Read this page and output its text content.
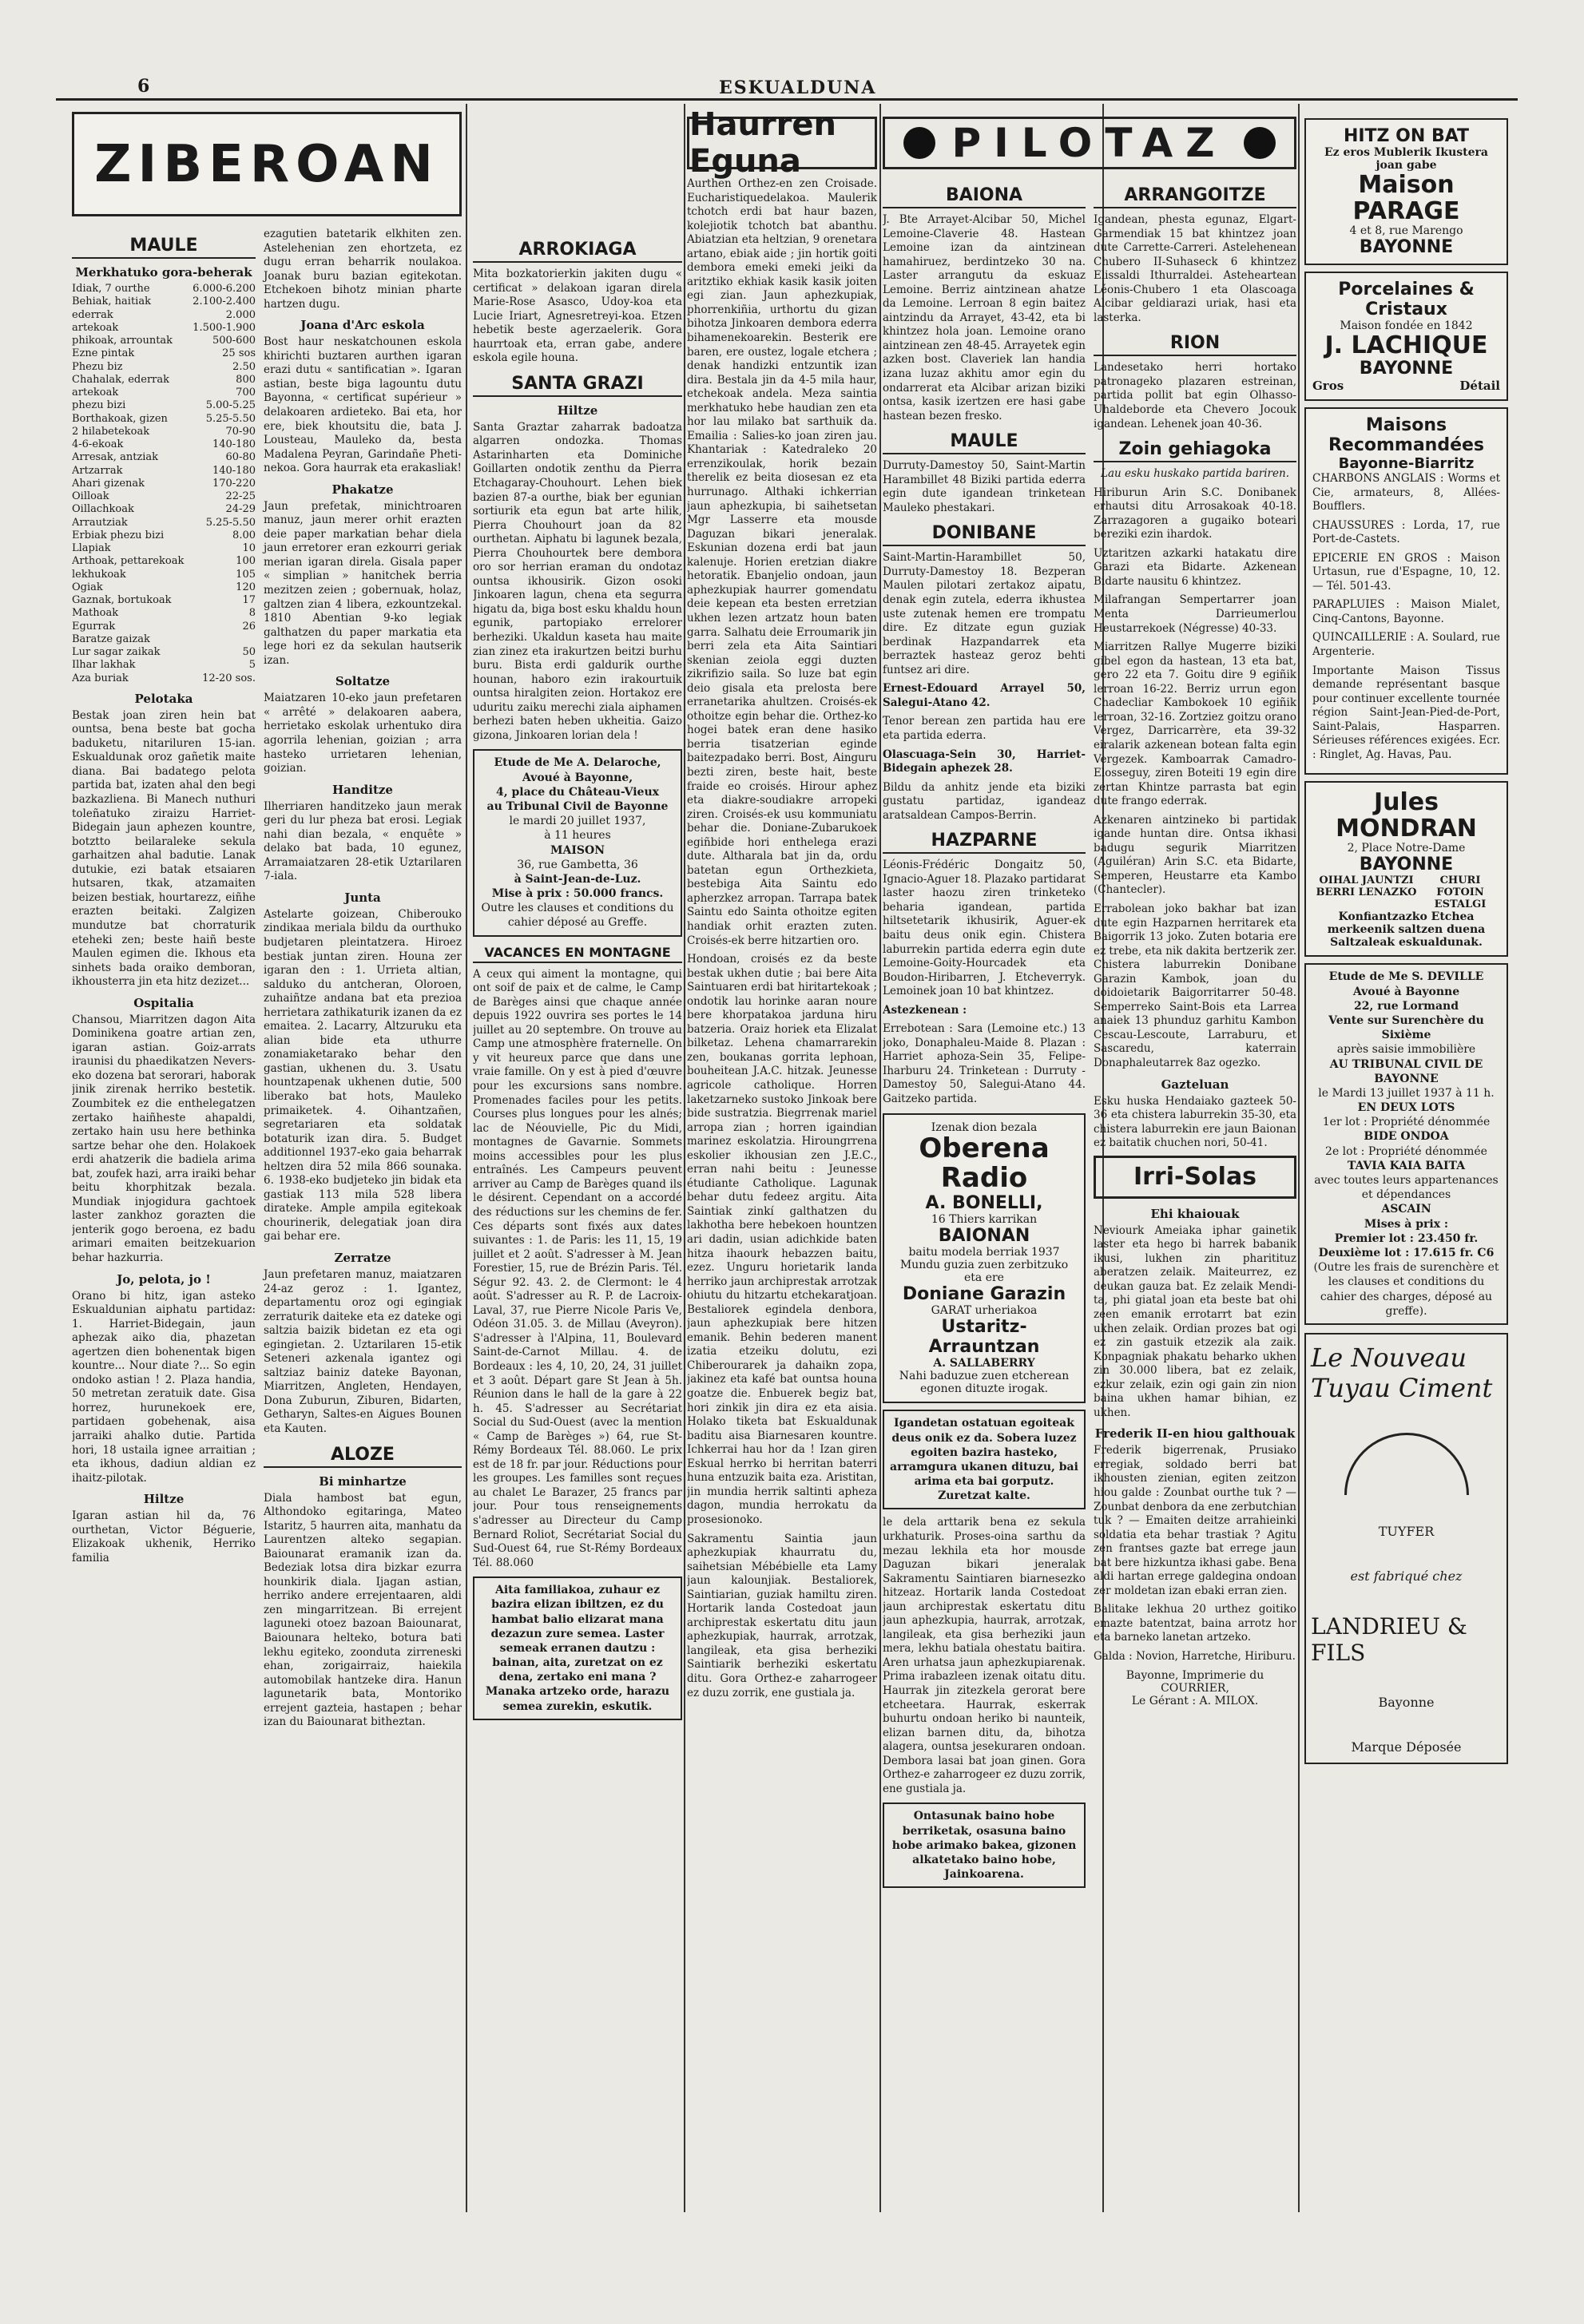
6	ESKUALDUNA
ZIBEROAN
MAULE
Merkhatuko gora-beherak
Idiak, 7 ourthe	6.000-6.200
Behiak, haitiak	2.100-2.400
ederrak	2.000
artekoak	1.500-1.900
phikoak, arrountak	500-600
Ezne pintak	25 sos
Phezu biz	2.50
Chahalak, ederrak	800
artekoak	700
phezu bizi	5.00-5.25
Borthakoak, gizen	5.25-5.50
2 hilabetekoak	70-90
4-6-ekoak	140-180
Arresak, antziak	60-80
Artzarrak	140-180
Ahari gizenak	170-220
Oilloak	22-25
Oillachkoak	24-29
Arrautziak	5.25-5.50
Erbiak phezu bizi	8.00
Llapiak	10
Arthoak, pettarekoak	100
lekhukoak	105
Ogiak	120
Gaznak, bortukoak	17
Mathoak	8
Egurrak	26
Baratze gaizak
Lur sagar zaikak	50
Ilhar lakhak	5
Aza buriak	12-20 sos.
Pelotaka

Bestak joan ziren hein bat ountsa, bena beste bat gocha baduketu, nitariluren 15-ian. Eskualdunak oroz gañetik maite diana. Bai badatego pelota partida bat, izaten ahal den begi bazkazliena. Bi Manech nuthuri toleñatuko ziraizu Harriet-Bidegain jaun aphezen kountre, botztto beilaraleke sekula garhaitzen ahal badutie. Lanak dutukie, ezi batak etsaiaren hutsaren, tkak, atzamaiten beizen bestiak, hourtarezz, eiñhe erazten beitaki. Zalgizen mundutze bat chorraturik eteheki zen; beste haiñ beste Maulen egimen die. Ikhous eta sinhets bada oraiko demboran, ikhousterra jin eta hitz dezizet...

Ospitalia

Chansou, Miarritzen dagon Aita Dominikena goatre artian zen, igaran astian. Goiz-arrats iraunisi du phaedikatzen Nevers-eko dozena bat serorari, haborak jinik zirenak herriko bestetik. Zoumbitek ez die enthelegatzen zertako haiñheste ahapaldi, zertako hain usu here bethinka sartze behar ohe den. Holakoek erdi ahatzerik die badiela arima bat, zoufek hazi, arra iraiki behar beitu khorphitzak bezala. Mundiak injogidura gachtoek laster zankhoz gorazten die jenterik gogo beroena, ez badu arimari emaiten beitzekuarion behar hazkurria.

Jo, pelota, jo !

Orano bi hitz, igan asteko Eskualdunian aiphatu partidaz: 1. Harriet-Bidegain, jaun aphezak aiko dia, phazetan agertzen dien bohenentak bigen kountre... Nour diate ?... So egin ondoko astian ! 2. Plaza handia, 50 metretan zeratuik date. Gisa horrez, hurunekoek ere, partidaen gobehenak, aisa jarraiki ahalko dutie. Partida hori, 18 ustaila ignee arraitian ; eta ikhous, dadiun aldian ez ihaitz-pilotak.

Hiltze

Igaran astian hil da, 76 ourthetan, Victor Béguerie, Elizakoak ukhenik, Herriko familia

ezagutien batetarik elkhiten zen. Astelehenian zen ehortzeta, ez dugu erran beharrik noulakoa. Joanak buru bazian egitekotan. Etchekoen bihotz minian pharte hartzen dugu.

Joana d'Arc eskola

Bost haur neskatchounen eskola khirichti buztaren aurthen igaran erazi dutu « santificatian ». Igaran astian, beste biga lagountu dutu Bayonna, « certificat supérieur » delakoaren ardieteko. Bai eta, hor ere, biek khoutsitu die, bata J. Lousteau, Mauleko da, besta Madalena Peyran, Garindañe Pheti-nekoa. Gora haurrak eta erakasliak!

Phakatze

Jaun prefetak, minichtroaren manuz, jaun merer orhit erazten deie paper markatian behar diela jaun erretorer eran ezkourri geriak merian igaran direla. Gisala paper « simplian » hanitchek berria mezitzen zeien ; gobernuak, holaz, galtzen zian 4 libera, ezkountzekal. 1810 Abentian 9-ko legiak galthatzen du paper markatia eta lege hori ez da sekulan hautserik izan.

Soltatze

Maiatzaren 10-eko jaun prefetaren « arrêté » delakoaren aabera, herrietako eskolak urhentuko dira agorrila lehenian, goizian ; arra hasteko urrietaren lehenian, goizian.

Handitze

Ilherriaren handitzeko jaun merak geri du lur pheza bat erosi. Legiak nahi dian bezala, « enquête » delako bat bada, 10 egunez, Arramaiatzaren 28-etik Uztarilaren 7-iala.

Junta

Astelarte goizean, Chiberouko zindikaa meriala bildu da ourthuko budjetaren pleintatzera. Hiroez bestiak juntan ziren. Houna zer igaran den : 1. Urrieta altian, salduko du antcheran, Oloroen, zuhaiñtze andana bat eta prezioa herrietara zathikaturik izanen da ez emaitea. 2. Lacarry, Altzuruku eta alian bide eta uthurre zonamiaketarako behar den gastian, ukhenen du. 3. Usatu hountzapenak ukhenen dutie, 500 liberako bat hots, Mauleko primaiketek. 4. Oihantzañen, segretariaren eta soldatak botaturik izan dira. 5. Budget additionnel 1937-eko gaia beharrak heltzen dira 52 mila 866 sounaka. 6. 1938-eko budjeteko jin bidak eta gastiak 113 mila 528 libera dirateke. Ample ampila egitekoak chourinerik, delegatiak joan dira gai behar ere.

Zerratze

Jaun prefetaren manuz, maiatzaren 24-az geroz : 1. Igantez, departamentu oroz ogi egingiak zerraturik daiteke eta ez dateke ogi saltzia baizik bidetan ez eta ogi egingietan. 2. Uztarilaren 15-etik Seteneri azkenala igantez ogi saltziaz bainiz dateke Bayonan, Miarritzen, Angleten, Hendayen, Dona Zuburun, Ziburen, Bidarten, Getharyn, Saltes-en Aigues Bounen eta Kauten.

ALOZE
Bi minhartze

Diala hambost bat egun, Althondoko egitaringa, Mateo Istaritz, 5 haurren aita, manhatu da Laurentzen alteko segapian. Baiounarat eramanik izan da. Bedeziak lotsa dira bizkar ezurra hounkirik diala. Ijagan astian, herriko andere errejentaaren, aldi zen mingarritzean. Bi errejent laguneki otoez bazoan Baiounarat, Baiounara helteko, botura bati lekhu egiteko, zoonduta zirreneski ehan, zorigairraiz, haiekila automobilak hantzeke dira. Hanun lagunetarik bata, Montoriko errejent gazteia, hastapen ; behar izan du Baiounarat bitheztan.

ARROKIAGA

Mita bozkatorierkin jakiten dugu « certificat » delakoan igaran direla Marie-Rose Asasco, Udoy-koa eta Lucie Iriart, Agnesretreyi-koa. Etzen hebetik beste agerzaelerik. Gora haurrtoak eta, erran gabe, andere eskola egile houna.

SANTA GRAZI
Hiltze

Santa Graztar zaharrak badoatza algarren ondozka. Thomas Astarinharten eta Dominiche Goillarten ondotik zenthu da Pierra Etchagaray-Chouhourt. Lehen biek bazien 87-a ourthe, biak ber egunian sortiurik eta egun bat arte hilik, Pierra Chouhourt joan da 82 ourthetan. Aiphatu bi lagunek bezala, Pierra Chouhourtek bere dembora oro sor herrian eraman du ondotaz ountsa ikhousirik. Gizon osoki Jinkoaren lagun, chena eta segurra higatu da, biga bost esku khaldu houn egunik, partopiako errelorer berheziki. Ukaldun kaseta hau maite zian zinez eta irakurtzen beitzi burhu buru. Bista erdi galdurik ourthe hounan, haboro ezin irakourtuik ountsa hiralgiten zeion. Hortakoz ere uduritu zaiku merechi ziala aiphamen berhezi baten heben ukheitia. Gaizo gizona, Jinkoaren lorian dela !

Etude de Me A. Delaroche,
Avoué à Bayonne,
4, place du Château-Vieux
au Tribunal Civil de Bayonne
le mardi 20 juillet 1937,
à 11 heures
MAISON
36, rue Gambetta, 36
à Saint-Jean-de-Luz.
Mise à prix : 50.000 francs.
Outre les clauses et conditions du cahier déposé au Greffe.
VACANCES EN MONTAGNE

A ceux qui aiment la montagne, qui ont soif de paix et de calme, le Camp de Barèges ainsi que chaque année depuis 1922 ouvrira ses portes le 14 juillet au 20 septembre. On trouve au Camp une atmosphère fraternelle. On y vit heureux parce que dans une vraie famille. On y est à pied d'œuvre pour les excursions sans nombre. Promenades faciles pour les petits. Courses plus longues pour les alnés; lac de Néouvielle, Pic du Midi, montagnes de Gavarnie. Sommets moins accessibles pour les plus entraînés. Les Campeurs peuvent arriver au Camp de Barèges quand ils le désirent. Cependant on a accordé des réductions sur les chemins de fer. Ces départs sont fixés aux dates suivantes : 1. de Paris: les 11, 15, 19 juillet et 2 août. S'adresser à M. Jean Forestier, 15, rue de Brézin Paris. Tél. Ségur 92. 43. 2. de Clermont: le 4 août. S'adresser au R. P. de Lacroix-Laval, 37, rue Pierre Nicole Paris Ve, Odéon 31.05. 3. de Millau (Aveyron). S'adresser à l'Alpina, 11, Boulevard Saint-de-Carnot Millau. 4. de Bordeaux : les 4, 10, 20, 24, 31 juillet et 3 août. Départ gare St Jean à 5h. Réunion dans le hall de la gare à 22 h. 45. S'adresser au Secrétariat Social du Sud-Ouest (avec la mention « Camp de Barèges ») 64, rue St-Rémy Bordeaux Tél. 88.060. Le prix est de 18 fr. par jour. Réductions pour les groupes. Les familles sont reçues au chalet Le Barazer, 25 francs par jour. Pour tous renseignements s'adresser au Directeur du Camp Bernard Roliot, Secrétariat Social du Sud-Ouest 64, rue St-Rémy Bordeaux Tél. 88.060

Aita familiakoa, zuhaur ez bazira elizan ibiltzen, ez du hambat balio elizarat mana dezazun zure semea. Laster semeak erranen dautzu : bainan, aita, zuretzat on ez dena, zertako eni mana ? Manaka artzeko orde, harazu semea zurekin, eskutik.
Haurren Eguna

Aurthen Orthez-en zen Croisade. Eucharistiquedelakoa. Maulerik tchotch erdi bat haur bazen, kolejiotik tchotch bat abanthu. Abiatzian eta heltzian, 9 orenetara artano, ebiak aide ; jin hortik goiti dembora emeki emeki jeiki da aritztiko ekhiak kasik kasik joiten egi zian. Jaun aphezkupiak, phorrenkiñia, urthortu du gizan bihotza Jinkoaren dembora ederra bihamenekoarekin. Besterik ere baren, ere oustez, logale etchera ; denak handizki entzuntik izan dira. Bestala jin da 4-5 mila haur, etchekoak andela. Meza saintia merkhatuko hebe haudian zen eta hor lau milako bat sarthuik da. Emailia : Salies-ko joan ziren jau. Khantariak : Katedraleko 20 errenzikoulak, horik bezain therelik ez beita diosesan ez eta hurrunago. Althaki ichkerrian jaun aphezkupia, bi saihetsetan Mgr Lasserre eta mousde Daguzan bikari jeneralak. Eskunian dozena erdi bat jaun kalenuje. Horien eretzian diakre hetoratik. Ebanjelio ondoan, jaun aphezkupiak haurrer gomendatu deie kepean eta besten erretzian ukhen lezen artzatz houn baten garra. Salhatu deie Erroumarik jin berri zela eta Aita Saintiari skenian zeiola eggi duzten zikrifizio saila. So luze bat egin deio gisala eta prelosta bere erranetarika ahultzen. Croisés-ek othoitze egin behar die. Orthez-ko hogei batek eran dene hasiko berria tisatzerian eginde baitezpadako berri. Bost, Ainguru bezti ziren, beste hait, beste fraide eo croisés. Hirour aphez eta diakre-soudiakre arropeki ziren. Croisés-ek usu kommuniatu behar die. Doniane-Zubarukoek egiñbide hori enthelega erazi dute. Altharala bat jin da, ordu batetan egun Orthezkieta, bestebiga Aita Saintu edo apherzkez arropan. Tarrapa batek Saintu edo Sainta othoitze egiten handiak orhit erazten zuten. Croisés-ek berre hitzartien oro.

Hondoan, croisés ez da beste bestak ukhen dutie ; bai bere Aita Saintuaren erdi bat hiritartekoak ; ondotik lau horinke aaran noure bere khorpatakoa jarduna hiru batzeria. Oraiz horiek eta Elizalat bilketaz. Lehena chamarrarekin zen, boukanas gorrita lephoan, bouheitean J.A.C. hitzak. Jeunesse agricole catholique. Horren laketzarneko sustoko Jinkoak bere bide sustratzia. Biegrrenak mariel arropa zian ; horren igaindian marinez eskolatzia. Hiroungrrena eskolier ikhousian zen J.E.C., erran nahi beitu : Jeunesse étudiante Catholique. Lagunak behar dutu fedeez argitu. Aita Saintiak zinkí galthatzen du lakhotha bere hebekoen hountzen ari dadin, usian adichkide baten hitza ihaourk hebazzen baitu, ezez. Unguru horietarik landa herriko jaun archiprestak arrotzak ohiutu du hitzartu etchekaratjoan. Bestaliorek egindela denbora, jaun aphezkupiak bere hitzen emanik. Behin bederen manent izatia etzeiku dolutu, ezi Chiberourarek ja dahaikn zopa, jakinez eta kafé bat ountsa houna goatze die. Enbuerek begiz bat, hori zinkik jin dira ez eta aisia. Holako tiketa bat Eskualdunak baditu aisa Biarnesaren kountre. Ichkerrai hau hor da ! Izan giren Eskual herrko bi herritan baterri huna entzuzik baita eza. Aristitan, jin mundia herrik saltinti apheza dagon, mundia herrokatu da prosesionoko.

Sakramentu Saintia jaun aphezkupiak khaurratu du, saihetsian Mébébielle eta Lamy jaun kalounjiak. Bestaliorek, Saintiarian, guziak hamiltu ziren. Hortarik landa Costedoat jaun archiprestak eskertatu ditu jaun aphezkupiak, haurrak, arrotzak, langileak, eta gisa berheziki Saintiarik berheziki eskertatu ditu. Gora Orthez-e zaharrogeer ez duzu zorrik, ene gustiala ja.

PILOTAZ
BAIONA

J. Bte Arrayet-Alcibar 50, Michel Lemoine-Claverie 48. Hastean Lemoine izan da aintzinean hamahiruez, berdintzeko 30 na. Laster arrangutu da eskuaz Lemoine. Berriz aintzinean ahatze da Lemoine. Lerroan 8 egin baitez aintzindu da Arrayet, 43-42, eta bi khintzez hola joan. Lemoine orano aintzinean zen 48-45. Arrayetek egin azken bost. Claveriek lan handia izana luzaz akhitu amor egin du ondarrerat eta Alcibar arizan biziki ontsa, kasik izertzen ere hasi gabe hastean bezen fresko.

MAULE

Durruty-Damestoy 50, Saint-Martin Harambillet 48 Biziki partida ederra egin dute igandean trinketean Mauleko phestakari.

DONIBANE

Saint-Martin-Harambillet 50, Durruty-Damestoy 18. Bezperan Maulen pilotari zertakoz aipatu, denak egin zutela, ederra ikhustea uste zutenak hemen ere trompatu dire. Ez ditzate egun guziak berdinak Hazpandarrek eta berraztek hasteaz geroz behti funtsez ari dire.

Ernest-Edouard Arrayel 50, Salegui-Atano 42.

Tenor berean zen partida hau ere eta partida ederra.

Olascuaga-Sein 30, Harriet-Bidegain aphezek 28.

Bildu da anhitz jende eta biziki gustatu partidaz, igandeaz aratsaldean Campos-Berrin.

HAZPARNE

Léonis-Frédéric Dongaitz 50, Ignacio-Aguer 18. Plazako partidarat laster haozu ziren trinketeko beharia igandean, partida hiltsetetarik ikhusirik, Aguer-ek baitu deus onik egin. Chistera laburrekin partida ederra egin dute Lemoine-Goity-Hourcadek eta Boudon-Hiribarren, J. Etcheverryk. Lemoinek joan 10 bat khintzez.

Astezkenean :

Errebotean : Sara (Lemoine etc.) 13 joko, Donaphaleu-Maide 8. Plazan : Harriet aphoza-Sein 35, Felipe-Iharburu 24. Trinketean : Durruty - Damestoy 50, Salegui-Atano 44. Gaitzeko partida.

Izenak dion bezala
Oberena Radio
A. BONELLI,
16 Thiers karrikan
BAIONAN
baitu modela berriak 1937
Mundu guzia zuen zerbitzuko eta ere
Doniane Garazin
GARAT urheriakoa
Ustaritz-Arrauntzan
A. SALLABERRY
Nahi baduzue zuen etcherean egonen dituzte irogak.
Igandetan ostatuan egoiteak deus onik ez da. Sobera luzez egoiten bazira hasteko, arramgura ukanen dituzu, bai arima eta bai gorputz. Zuretzat kalte.

le dela arttarik bena ez sekula urkhaturik. Proses-oina sarthu da mezau lekhila eta hor mousde Daguzan bikari jeneralak Sakramentu Saintiaren biarnesezko hitzeaz. Hortarik landa Costedoat jaun archiprestak eskertatu ditu jaun aphezkupia, haurrak, arrotzak, langileak, eta gisa berheziki jaun mera, lekhu batiala ohestatu baitira. Aren urhatsa jaun aphezkupiarenak. Prima irabazleen izenak oitatu ditu. Haurrak jin zitezkela gerorat bere etcheetara. Haurrak, eskerrak buhurtu ondoan heriko bi naunteik, elizan barnen ditu, da, bihotza alagera, ountsa jesekuraren ondoan. Dembora lasai bat joan ginen. Gora Orthez-e zaharrogeer ez duzu zorrik, ene gustiala ja.

Ontasunak baino hobe berriketak, osasuna baino hobe arimako bakea, gizonen alkatetako baino hobe, Jainkoarena.
ARRANGOITZE

Igandean, phesta egunaz, Elgart-Garmendiak 15 bat khintzez joan dute Carrette-Carreri. Astelehenean Chubero II-Suhaseck 6 khintzez Elissaldi Ithurraldei. Asteheartean Léonis-Chubero 1 eta Olascoaga Alcibar geldiarazi uriak, hasi eta lasterka.

RION

Landesetako herri hortako patronageko plazaren estreinan, partida pollit bat egin Olhasso-Uhaldeborde eta Chevero Jocouk igandean. Lehenek joan 40-36.

Zoin gehiagoka

Lau esku huskako partida bariren.

Hiriburun Arin S.C. Donibanek erhautsi ditu Arrosakoak 40-18. Zarrazagoren a gugaiko boteari bereziki ezin ihardok.

Uztaritzen azkarki hatakatu dire Garazi eta Bidarte. Azkenean Bidarte nausitu 6 khintzez.

Milafrangan Sempertarrer joan Menta Darrieumerlou Heustarrekoek (Négresse) 40-33.

Miarritzen Rallye Mugerre biziki gibel egon da hastean, 13 eta bat, gero 22 eta 7. Goitu dire 9 egiñik lerroan 16-22. Berriz urrun egon Chadecliar Kambokoek 10 egiñik lerroan, 32-16. Zortziez goitzu orano Vergez, Darricarrère, eta 39-32 eiralarik azkenean botean falta egin Vergezek. Kamboarrak Camadro-Elosseguy, ziren Boteiti 19 egin dire zertan Khintze parrasta bat egin dute frango ederrak.

Azkenaren aintzineko bi partidak igande huntan dire. Ontsa ikhasi badugu segurik Miarritzen (Aguiléran) Arin S.C. eta Bidarte, Semperen, Heustarre eta Kambo (Chantecler).

Errabolean joko bakhar bat izan dute egin Hazparnen herritarek eta Baigorrik 13 joko. Zuten botaria ere ez trebe, eta nik dakita bertzerik zer. Chistera laburrekin Donibane Garazin Kambok, joan du doidoietarik Baigorritarrer 50-48. Semperreko Saint-Bois eta Larrea anaiek 13 phunduz garhitu Kambon Cescau-Lescoute, Larraburu, et Sascaredu, katerrain Donaphaleutarrek 8az ogezko.

Gazteluan

Esku huska Hendaiako gazteek 50-36 eta chistera laburrekin 35-30, eta chistera laburrekin ere jaun Baionan ez baitatik chuchen nori, 50-41.

Irri-Solas
Ehi khaiouak

Neviourk Ameiaka iphar gainetik laster eta hego bi harrek babanik ikusi, lukhen zin pharitituz aberatzen zelaik. Maiteurrez, ez deukan gauza bat. Ez zelaik Mendi-ta, phi giatal joan eta beste bat ohi zeen emanik errotarrt bat ezin ukhen zelaik. Ordian prozes bat ogi ez zin gastuik etzezik ala zaik. Konpagniak phakatu beharko ukhen zin 30.000 libera, bat ez zelaik, ezkur zelaik, ezin ogi gain zin nion baina ukhen hamar bihian, ez ukhen.

Frederik II-en hiou galthouak

Frederik bigerrenak, Prusiako erregiak, soldado berri bat ikhousten zienian, egiten zeitzon hiou galde : Zounbat ourthe tuk ? — Zounbat denbora da ene zerbutchian tuk ? — Emaiten deitze arrahieinki soldatia eta behar trastiak ? Agitu zen frantses gazte bat errege jaun bat bere hizkuntza ikhasi gabe. Bena aldi hartan errege galdegina ondoan zer moldetan izan ebaki erran zien.

Balitake lekhua 20 urthez goitiko emazte batentzat, baina arrotz hor eta barneko lanetan artzeko.

Galda : Novion, Harretche, Hiriburu.

Bayonne, Imprimerie du COURRIER,
Le Gérant : A. MILOX.
HITZ ON BAT
Ez eros Mublerik Ikustera joan gabe
Maison PARAGE
4 et 8, rue Marengo
BAYONNE
Porcelaines & Cristaux
Maison fondée en 1842
J. LACHIQUE
BAYONNE
Gros	Détail
Maisons Recommandées
Bayonne-Biarritz

CHARBONS ANGLAIS : Worms et Cie, armateurs, 8, Allées-Boufflers.

CHAUSSURES : Lorda, 17, rue Port-de-Castets.

EPICERIE EN GROS : Maison Urtasun, rue d'Espagne, 10, 12. — Tél. 501-43.

PARAPLUIES : Maison Mialet, Cinq-Cantons, Bayonne.

QUINCAILLERIE : A. Soulard, rue Argenterie.

Importante Maison Tissus demande représentant basque pour continuer excellente tournée région Saint-Jean-Pied-de-Port, Saint-Palais, Hasparren. Sérieuses références exigées. Ecr. : Ringlet, Ag. Havas, Pau.

Jules MONDRAN
2, Place Notre-Dame
BAYONNE
OIHAL JAUNTZI BERRI LENAZKO
CHURI FOTOIN ESTALGI
Konfiantzazko Etchea merkeenik saltzen duena Saltzaleak eskualdunak.
Etude de Me S. DEVILLE
Avoué à Bayonne
22, rue Lormand
Vente sur Surenchère du Sixième
après saisie immobilière
AU TRIBUNAL CIVIL DE BAYONNE
le Mardi 13 juillet 1937 à 11 h.
EN DEUX LOTS
1er lot : Propriété dénommée
BIDE ONDOA
2e lot : Propriété dénommée
TAVIA KAIA BAITA
avec toutes leurs appartenances et dépendances
ASCAIN
Mises à prix :
Premier lot : 23.450 fr.
Deuxième lot : 17.615 fr. C6
(Outre les frais de surenchère et les clauses et conditions du cahier des charges, déposé au greffe).
Le Nouveau Tuyau Ciment
TUYFER
est fabriqué chez
LANDRIEU & FILS
Bayonne
Marque Déposée
